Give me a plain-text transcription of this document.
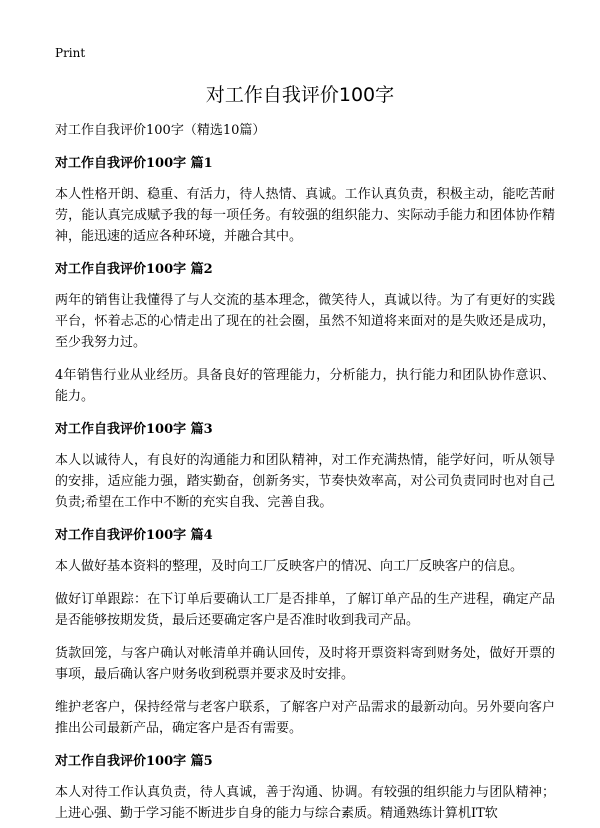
Print
对工作自我评价100字

对工作自我评价100字（精选10篇）

对工作自我评价100字 篇1

本人性格开朗、稳重、有活力，待人热情、真诚。工作认真负责，积极主动，能吃苦耐劳，能认真完成赋予我的每一项任务。有较强的组织能力、实际动手能力和团体协作精神，能迅速的适应各种环境，并融合其中。

对工作自我评价100字 篇2

两年的销售让我懂得了与人交流的基本理念，微笑待人，真诚以待。为了有更好的实践平台，怀着忐忑的心情走出了现在的社会圈，虽然不知道将来面对的是失败还是成功，至少我努力过。

4年销售行业从业经历。具备良好的管理能力，分析能力，执行能力和团队协作意识、能力。

对工作自我评价100字 篇3

本人以诚待人，有良好的沟通能力和团队精神，对工作充满热情，能学好问，听从领导的安排，适应能力强，踏实勤奋，创新务实，节奏快效率高，对公司负责同时也对自己负责;希望在工作中不断的充实自我、完善自我。

对工作自我评价100字 篇4

本人做好基本资料的整理，及时向工厂反映客户的情况、向工厂反映客户的信息。

做好订单跟踪：在下订单后要确认工厂是否排单，了解订单产品的生产进程，确定产品是否能够按期发货，最后还要确定客户是否准时收到我司产品。

货款回笼，与客户确认对帐清单并确认回传，及时将开票资料寄到财务处，做好开票的事项，最后确认客户财务收到税票并要求及时安排。

维护老客户，保持经常与老客户联系，了解客户对产品需求的最新动向。另外要向客户推出公司最新产品，确定客户是否有需要。

对工作自我评价100字 篇5

本人对待工作认真负责，待人真诚，善于沟通、协调。有较强的组织能力与团队精神；上进心强、勤于学习能不断进步自身的能力与综合素质。精通熟练计算机IT软
